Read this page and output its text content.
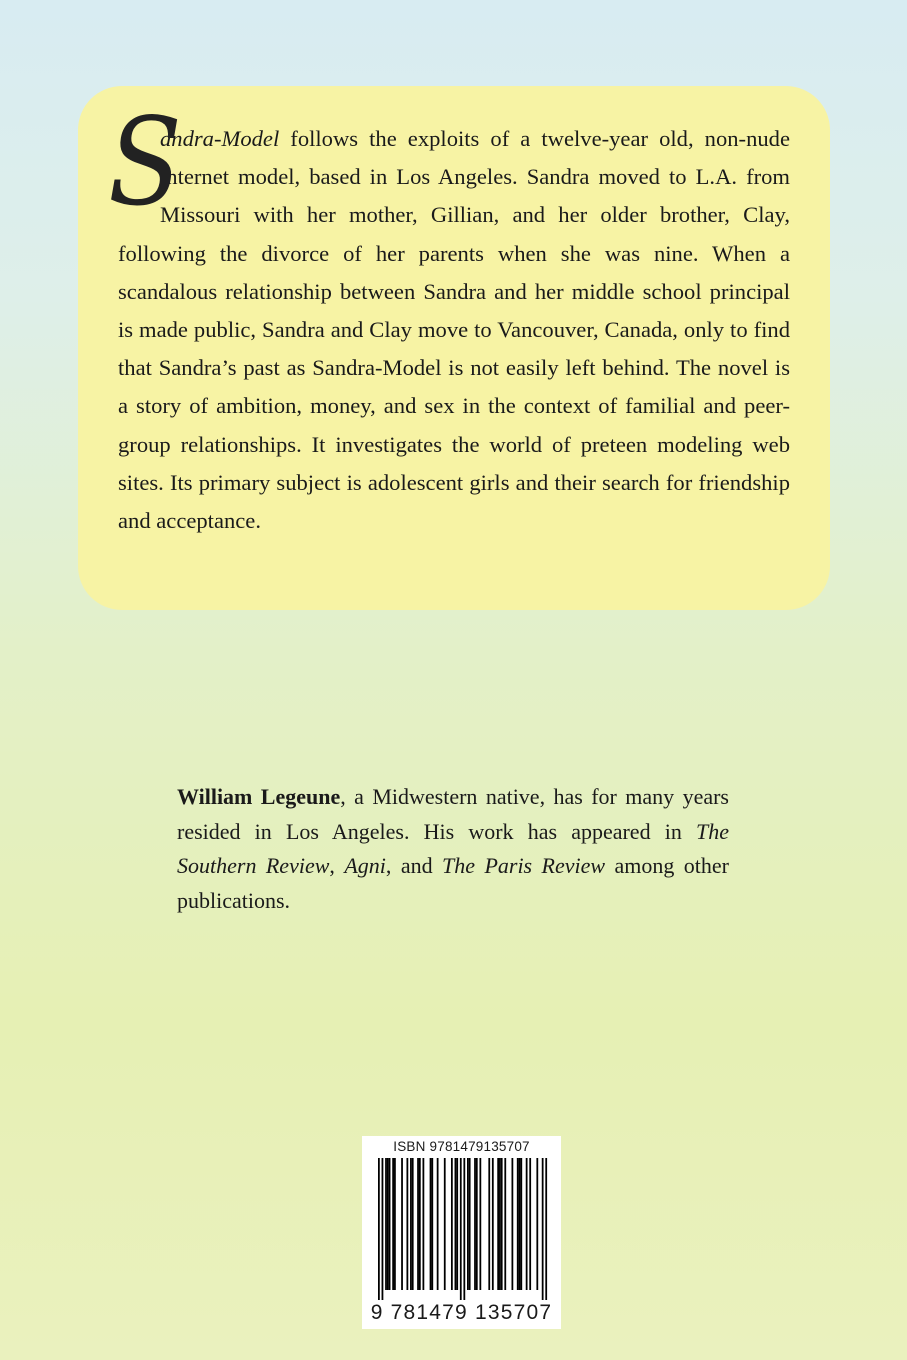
S
andra-Model follows the exploits of a twelve-year old, non-nude internet model, based in Los Angeles. Sandra moved to L.A. from Missouri with her mother, Gillian, and her older brother, Clay, following the divorce of her parents when she was nine. When a scandalous relationship between Sandra and her middle school principal is made public, Sandra and Clay move to Vancouver, Canada, only to find that Sandra’s past as Sandra-Model is not easily left behind. The novel is a story of ambition, money, and sex in the context of familial and peer-group relationships. It investigates the world of preteen modeling web sites. Its primary subject is adolescent girls and their search for friendship and acceptance.

William Legeune, a Midwestern native, has for many years resided in Los Angeles. His work has appeared in The Southern Review, Agni, and The Paris Review among other publications.

ISBN 9781479135707
9 781479 135707
